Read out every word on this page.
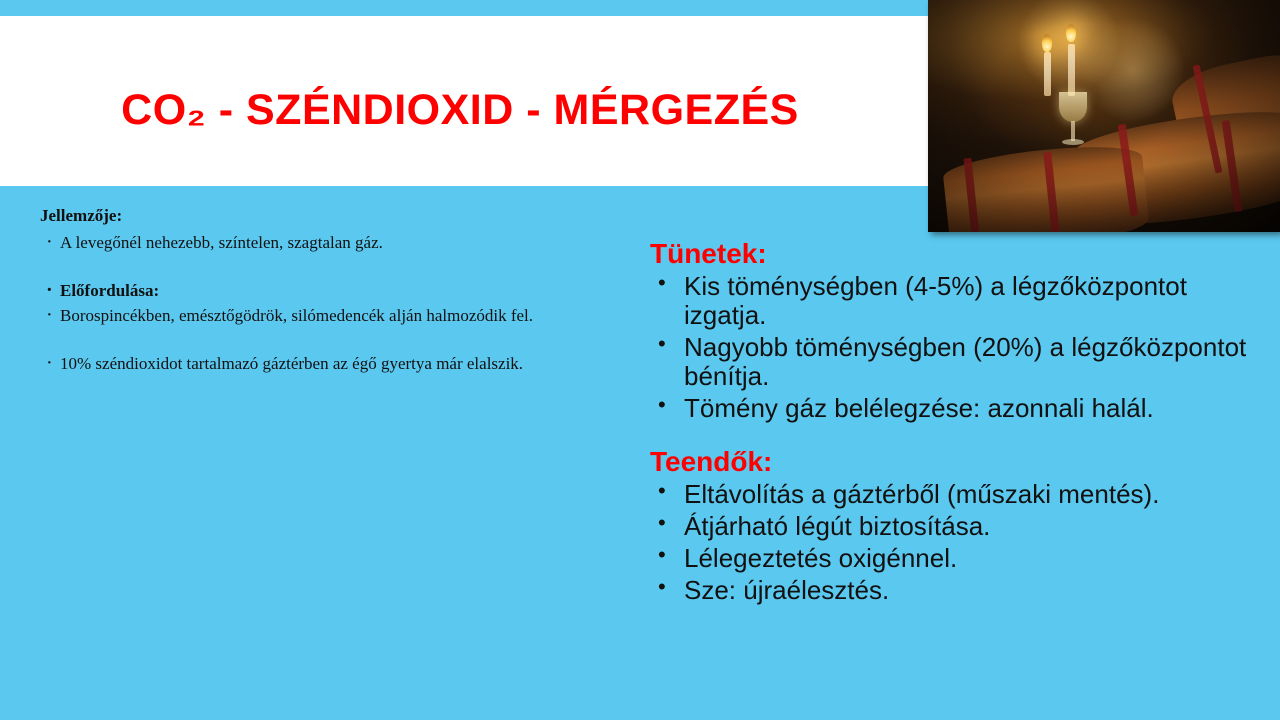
CO₂ - SZÉNDIOXID - MÉRGEZÉS

Jellemzője:

· A levegőnél nehezebb, színtelen, szagtalan gáz.
· Előfordulása:
· Borospincékben, emésztőgödrök, silómedencék alján halmozódik fel.
· 10% széndioxidot tartalmazó gáztérben az égő gyertya már elalszik.

Tünetek:

• Kis töménységben (4-5%) a légzőközpontot izgatja.
• Nagyobb töménységben (20%) a légzőközpontot bénítja.
• Tömény gáz belélegzése: azonnali halál.

Teendők:

• Eltávolítás a gáztérből (műszaki mentés).
• Átjárható légút biztosítása.
• Lélegeztetés oxigénnel.
• Sze: újraélesztés.
